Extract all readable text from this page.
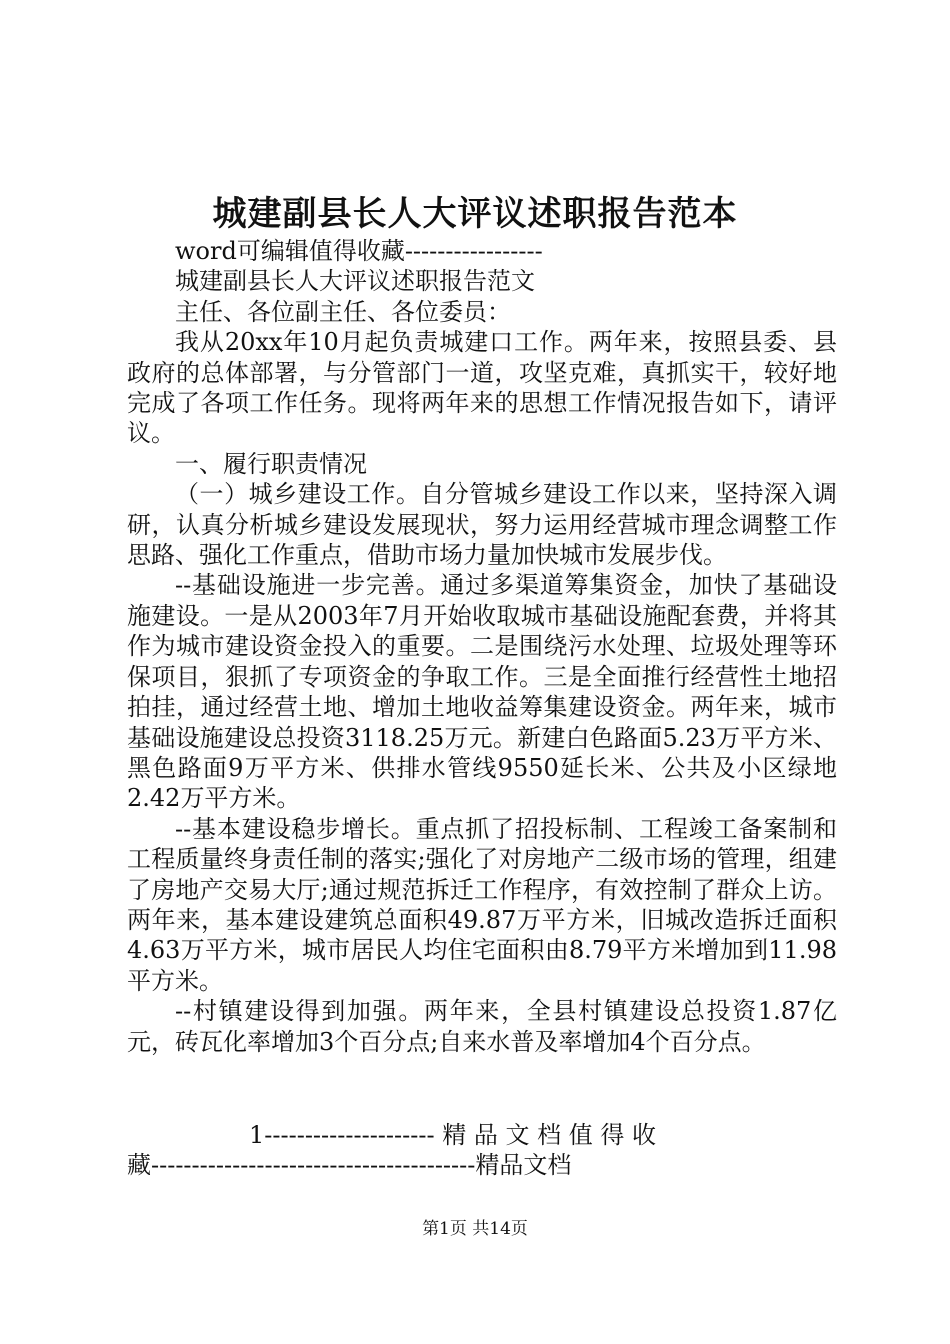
城建副县长人大评议述职报告范本

word可编辑值得收藏-----------------

城建副县长人大评议述职报告范文

主任、各位副主任、各位委员：

我从20xx年10月起负责城建口工作。两年来，按照县委、县政府的总体部署，与分管部门一道，攻坚克难，真抓实干，较好地完成了各项工作任务。现将两年来的思想工作情况报告如下，请评议。

一、履行职责情况

（一）城乡建设工作。自分管城乡建设工作以来，坚持深入调研，认真分析城乡建设发展现状，努力运用经营城市理念调整工作思路、强化工作重点，借助市场力量加快城市发展步伐。

--基础设施进一步完善。通过多渠道筹集资金，加快了基础设施建设。一是从2003年7月开始收取城市基础设施配套费，并将其作为城市建设资金投入的重要。二是围绕污水处理、垃圾处理等环保项目，狠抓了专项资金的争取工作。三是全面推行经营性土地招拍挂，通过经营土地、增加土地收益筹集建设资金。两年来，城市基础设施建设总投资3118.25万元。新建白色路面5.23万平方米、黑色路面9万平方米、供排水管线9550延长米、公共及小区绿地2.42万平方米。

--基本建设稳步增长。重点抓了招投标制、工程竣工备案制和工程质量终身责任制的落实;强化了对房地产二级市场的管理，组建了房地产交易大厅;通过规范拆迁工作程序，有效控制了群众上访。两年来，基本建设建筑总面积49.87万平方米，旧城改造拆迁面积4.63万平方米，城市居民人均住宅面积由8.79平方米增加到11.98平方米。

--村镇建设得到加强。两年来，全县村镇建设总投资1.87亿元，砖瓦化率增加3个百分点;自来水普及率增加4个百分点。

1--------------------- 精 品 文 档 值 得 收
藏----------------------------------------精品文档
第1页 共14页
